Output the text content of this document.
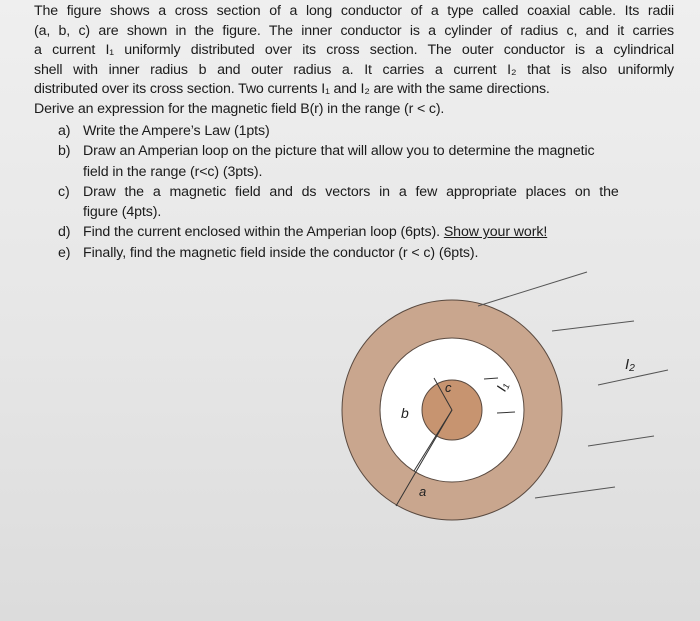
The figure shows a cross section of a long conductor of a type called coaxial cable. Its radii
(a, b, c) are shown in the figure. The inner conductor is a cylinder of radius c, and it carries
a current I₁ uniformly distributed over its cross section. The outer conductor is a cylindrical
shell with inner radius b and outer radius a. It carries a current I₂ that is also uniformly
distributed over its cross section. Two currents I₁ and I₂ are with the same directions.
Derive an expression for the magnetic field B(r) in the range (r < c).
a) Write the Ampere’s Law (1pts)
b) Draw an Amperian loop on the picture that will allow you to determine the magnetic
field in the range (r<c) (3pts).
c) Draw the a magnetic field and ds vectors in a few appropriate places on the
figure (4pts).
d) Find the current enclosed within the Amperian loop (6pts). Show your work!
e) Finally, find the magnetic field inside the conductor (r < c) (6pts).
c
b
a
I₁
I₂
